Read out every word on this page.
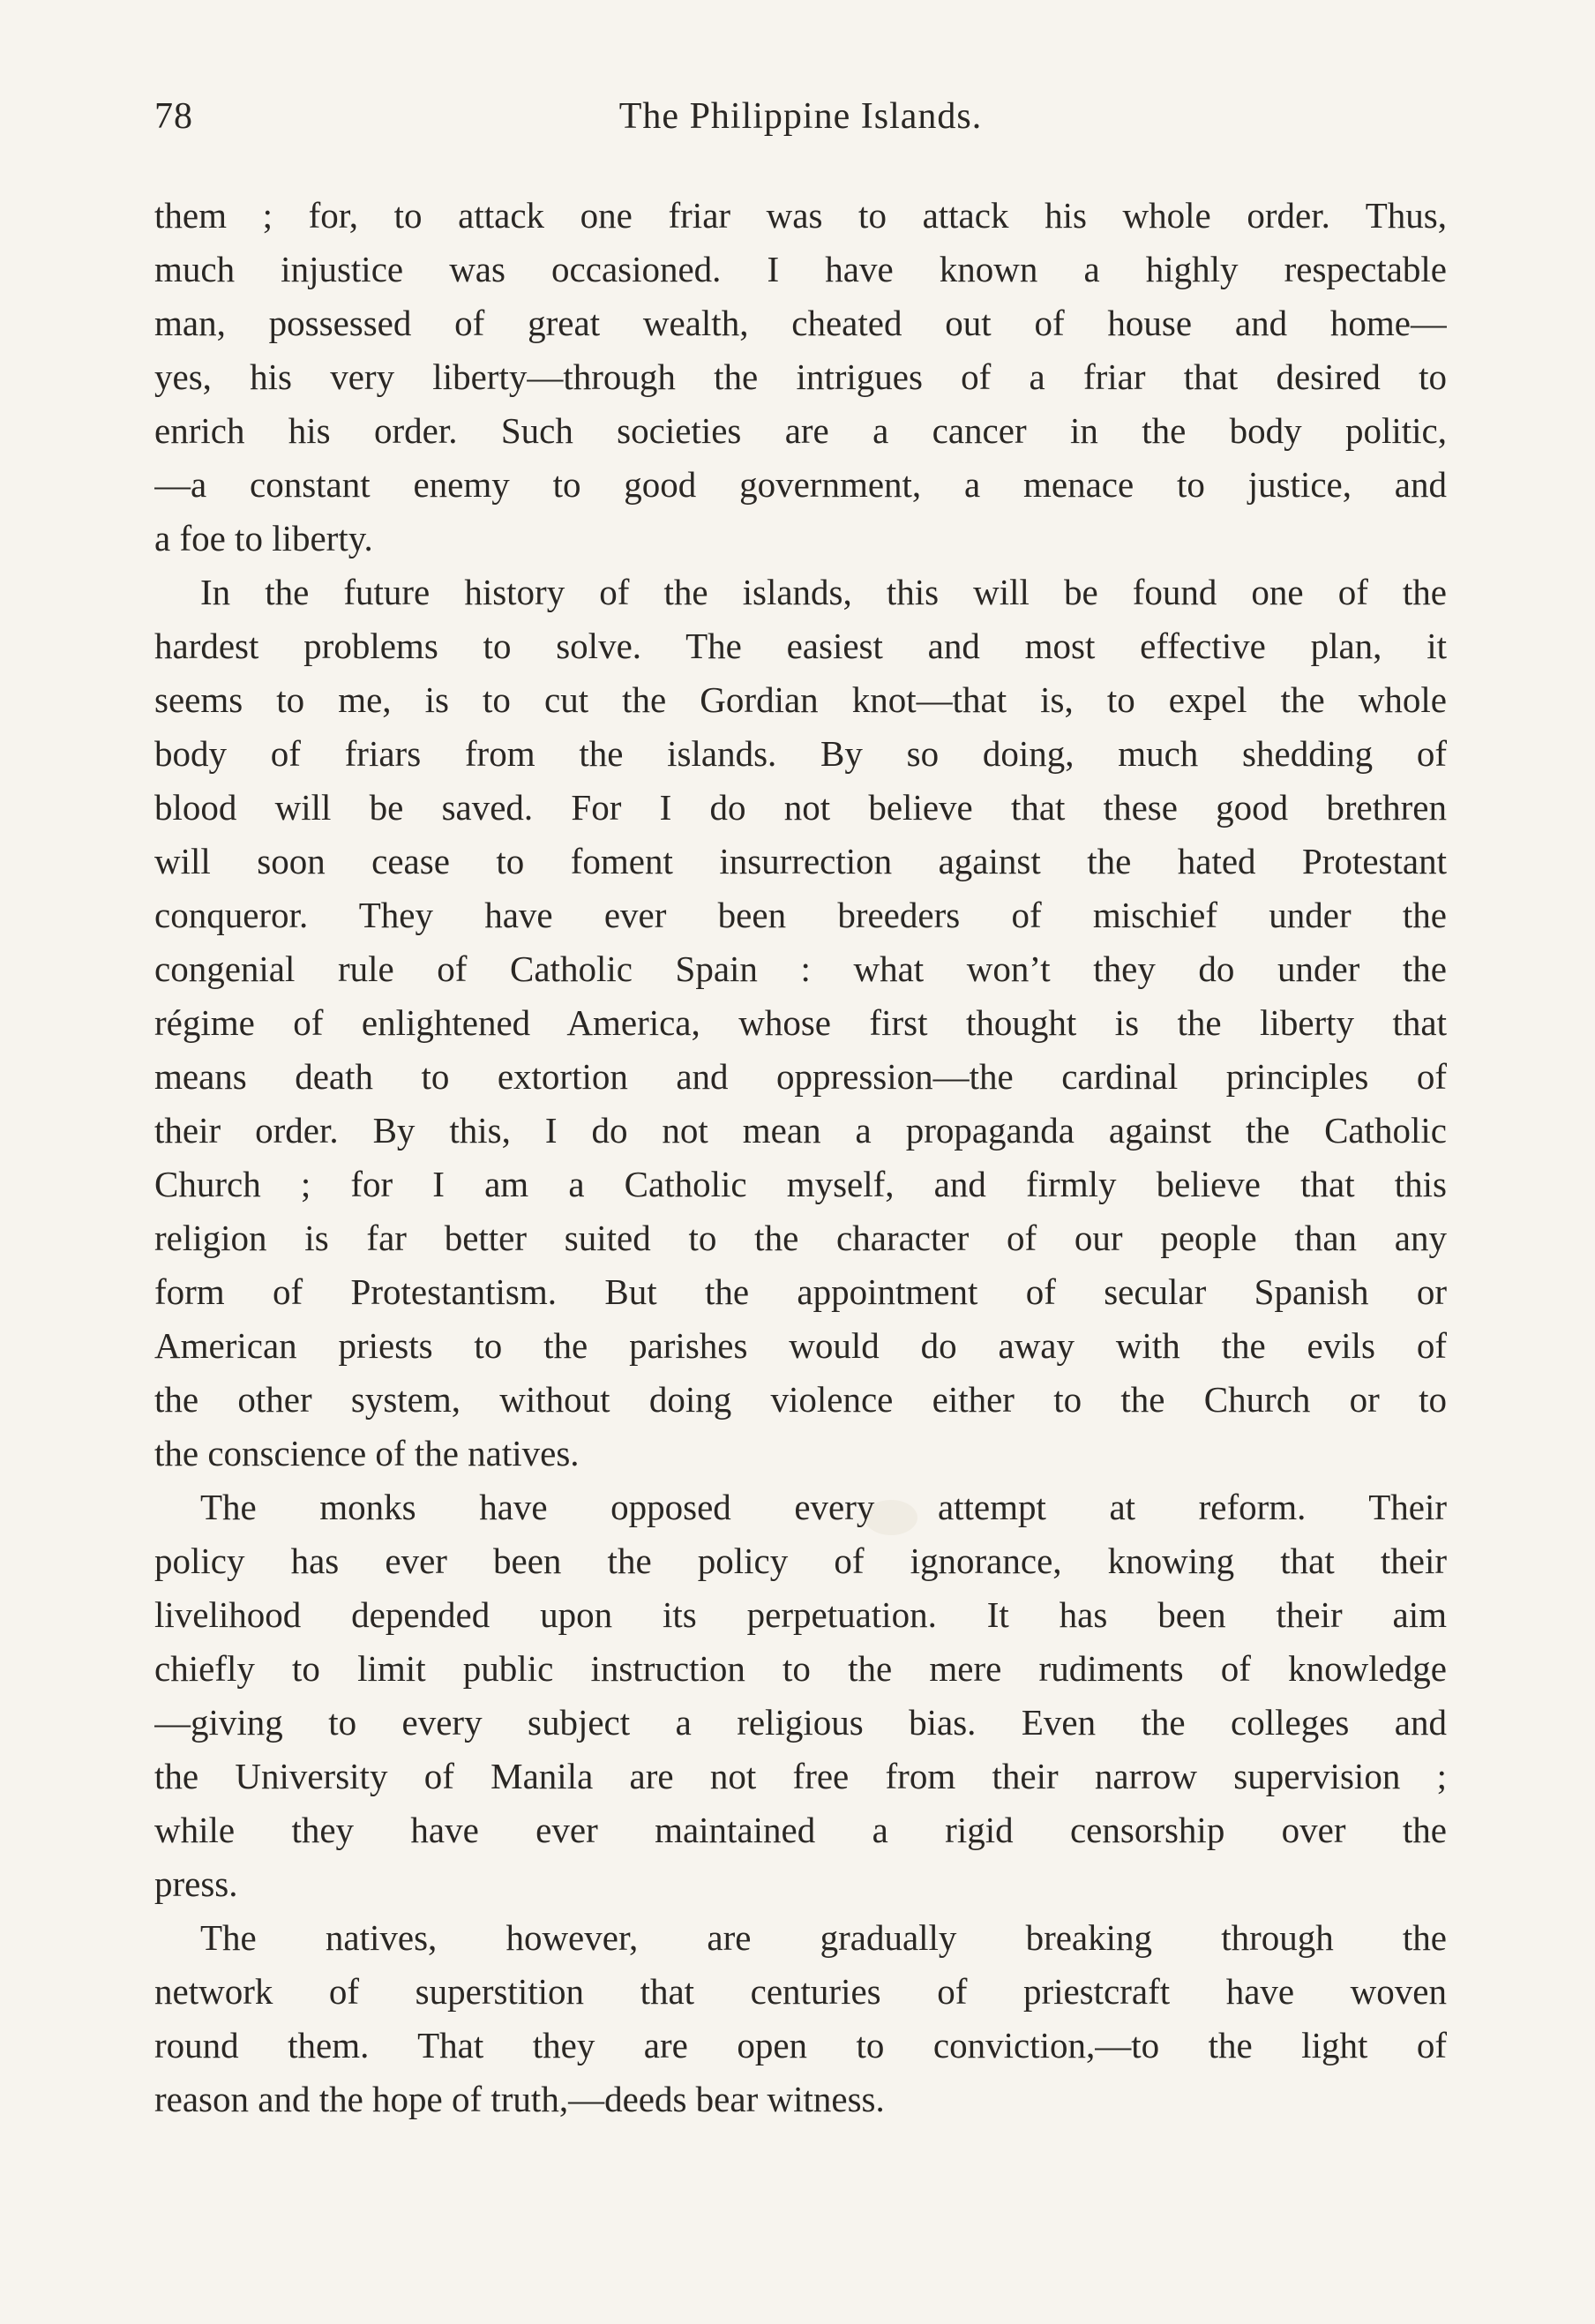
78	The Philippine Islands.
them ; for, to attack one friar was to attack his whole order. Thus,
much injustice was occasioned. I have known a highly respectable
man, possessed of great wealth, cheated out of house and home—
yes, his very liberty—through the intrigues of a friar that desired to
enrich his order. Such societies are a cancer in the body politic,
—a constant enemy to good government, a menace to justice, and
a foe to liberty.
In the future history of the islands, this will be found one of the
hardest problems to solve. The easiest and most effective plan, it
seems to me, is to cut the Gordian knot—that is, to expel the whole
body of friars from the islands. By so doing, much shedding of
blood will be saved. For I do not believe that these good brethren
will soon cease to foment insurrection against the hated Protestant
conqueror. They have ever been breeders of mischief under the
congenial rule of Catholic Spain : what won’t they do under the
régime of enlightened America, whose first thought is the liberty that
means death to extortion and oppression—the cardinal principles of
their order. By this, I do not mean a propaganda against the Catholic
Church ; for I am a Catholic myself, and firmly believe that this
religion is far better suited to the character of our people than any
form of Protestantism. But the appointment of secular Spanish or
American priests to the parishes would do away with the evils of
the other system, without doing violence either to the Church or to
the conscience of the natives.
The monks have opposed every attempt at reform. Their
policy has ever been the policy of ignorance, knowing that their
livelihood depended upon its perpetuation. It has been their aim
chiefly to limit public instruction to the mere rudiments of knowledge
—giving to every subject a religious bias. Even the colleges and
the University of Manila are not free from their narrow supervision ;
while they have ever maintained a rigid censorship over the
press.
The natives, however, are gradually breaking through the
network of superstition that centuries of priestcraft have woven
round them. That they are open to conviction,—to the light of
reason and the hope of truth,—deeds bear witness.
